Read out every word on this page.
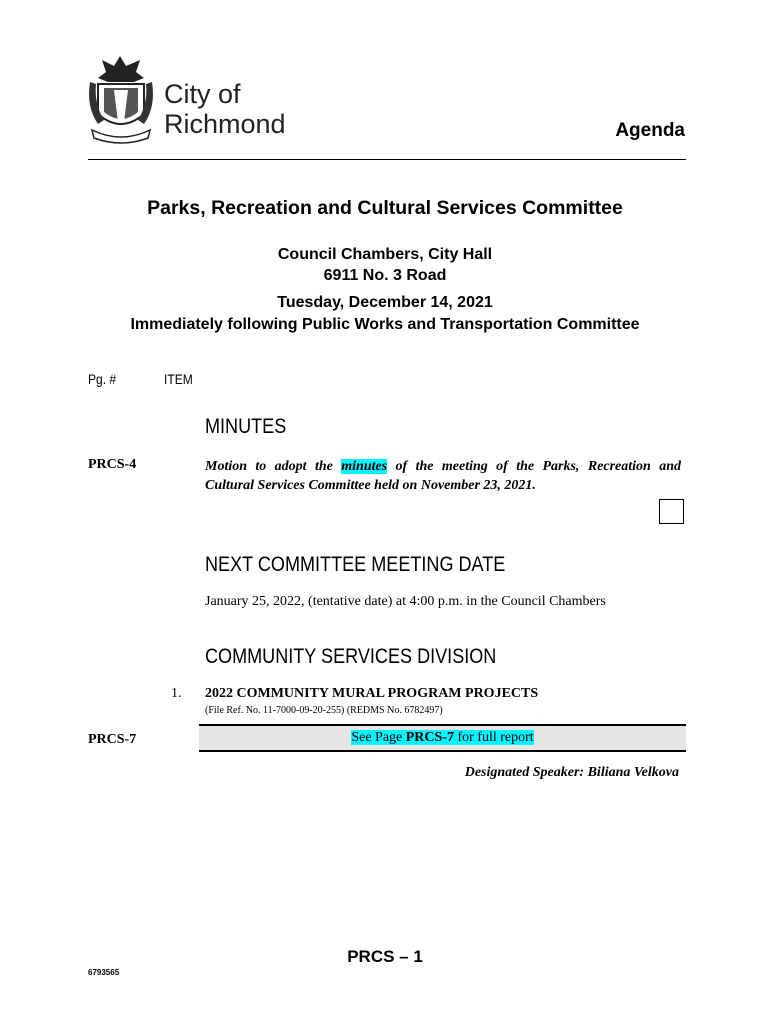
City of
Richmond	Agenda
Parks, Recreation and Cultural Services Committee
Council Chambers, City Hall
6911 No. 3 Road
Tuesday, December 14, 2021
Immediately following Public Works and Transportation Committee
Pg. #	ITEM
MINUTES
PRCS-4	Motion to adopt the minutes of the meeting of the Parks, Recreation and
Cultural Services Committee held on November 23, 2021.
NEXT COMMITTEE MEETING DATE
January 25, 2022, (tentative date) at 4:00 p.m. in the Council Chambers
COMMUNITY SERVICES DIVISION
1. 2022 COMMUNITY MURAL PROGRAM PROJECTS
(File Ref. No. 11-7000-09-20-255) (REDMS No. 6782497)
PRCS-7	See Page PRCS-7 for full report
Designated Speaker: Biliana Velkova
PRCS – 1
6793565
